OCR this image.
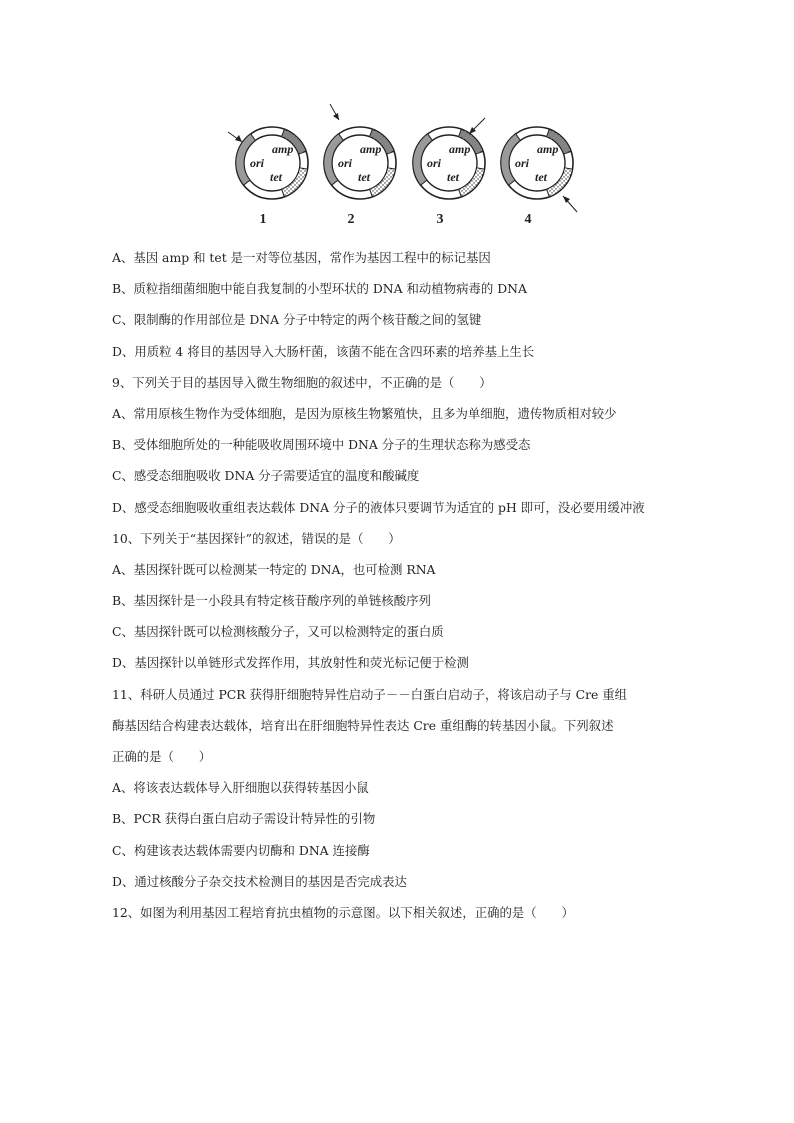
amp
ori
tet
1
amp
ori
tet
2
amp
ori
tet
3
amp
ori
tet
4
A、基因 amp 和 tet 是一对等位基因，常作为基因工程中的标记基因
B、质粒指细菌细胞中能自我复制的小型环状的 DNA 和动植物病毒的 DNA
C、限制酶的作用部位是 DNA 分子中特定的两个核苷酸之间的氢键
D、用质粒 4 将目的基因导入大肠杆菌，该菌不能在含四环素的培养基上生长
9、下列关于目的基因导入微生物细胞的叙述中，不正确的是（　　）
A、常用原核生物作为受体细胞，是因为原核生物繁殖快，且多为单细胞，遗传物质相对较少
B、受体细胞所处的一种能吸收周围环境中 DNA 分子的生理状态称为感受态
C、感受态细胞吸收 DNA 分子需要适宜的温度和酸碱度
D、感受态细胞吸收重组表达载体 DNA 分子的液体只要调节为适宜的 pH 即可，没必要用缓冲液
10、下列关于“基因探针”的叙述，错误的是（　　）
A、基因探针既可以检测某一特定的 DNA，也可检测 RNA
B、基因探针是一小段具有特定核苷酸序列的单链核酸序列
C、基因探针既可以检测核酸分子，又可以检测特定的蛋白质
D、基因探针以单链形式发挥作用，其放射性和荧光标记便于检测
11、科研人员通过 PCR 获得肝细胞特异性启动子－－白蛋白启动子，将该启动子与 Cre 重组
酶基因结合构建表达载体，培育出在肝细胞特异性表达 Cre 重组酶的转基因小鼠。下列叙述
正确的是（　　）
A、将该表达载体导入肝细胞以获得转基因小鼠
B、PCR 获得白蛋白启动子需设计特异性的引物
C、构建该表达载体需要内切酶和 DNA 连接酶
D、通过核酸分子杂交技术检测目的基因是否完成表达
12、如图为利用基因工程培育抗虫植物的示意图。以下相关叙述，正确的是（　　）
